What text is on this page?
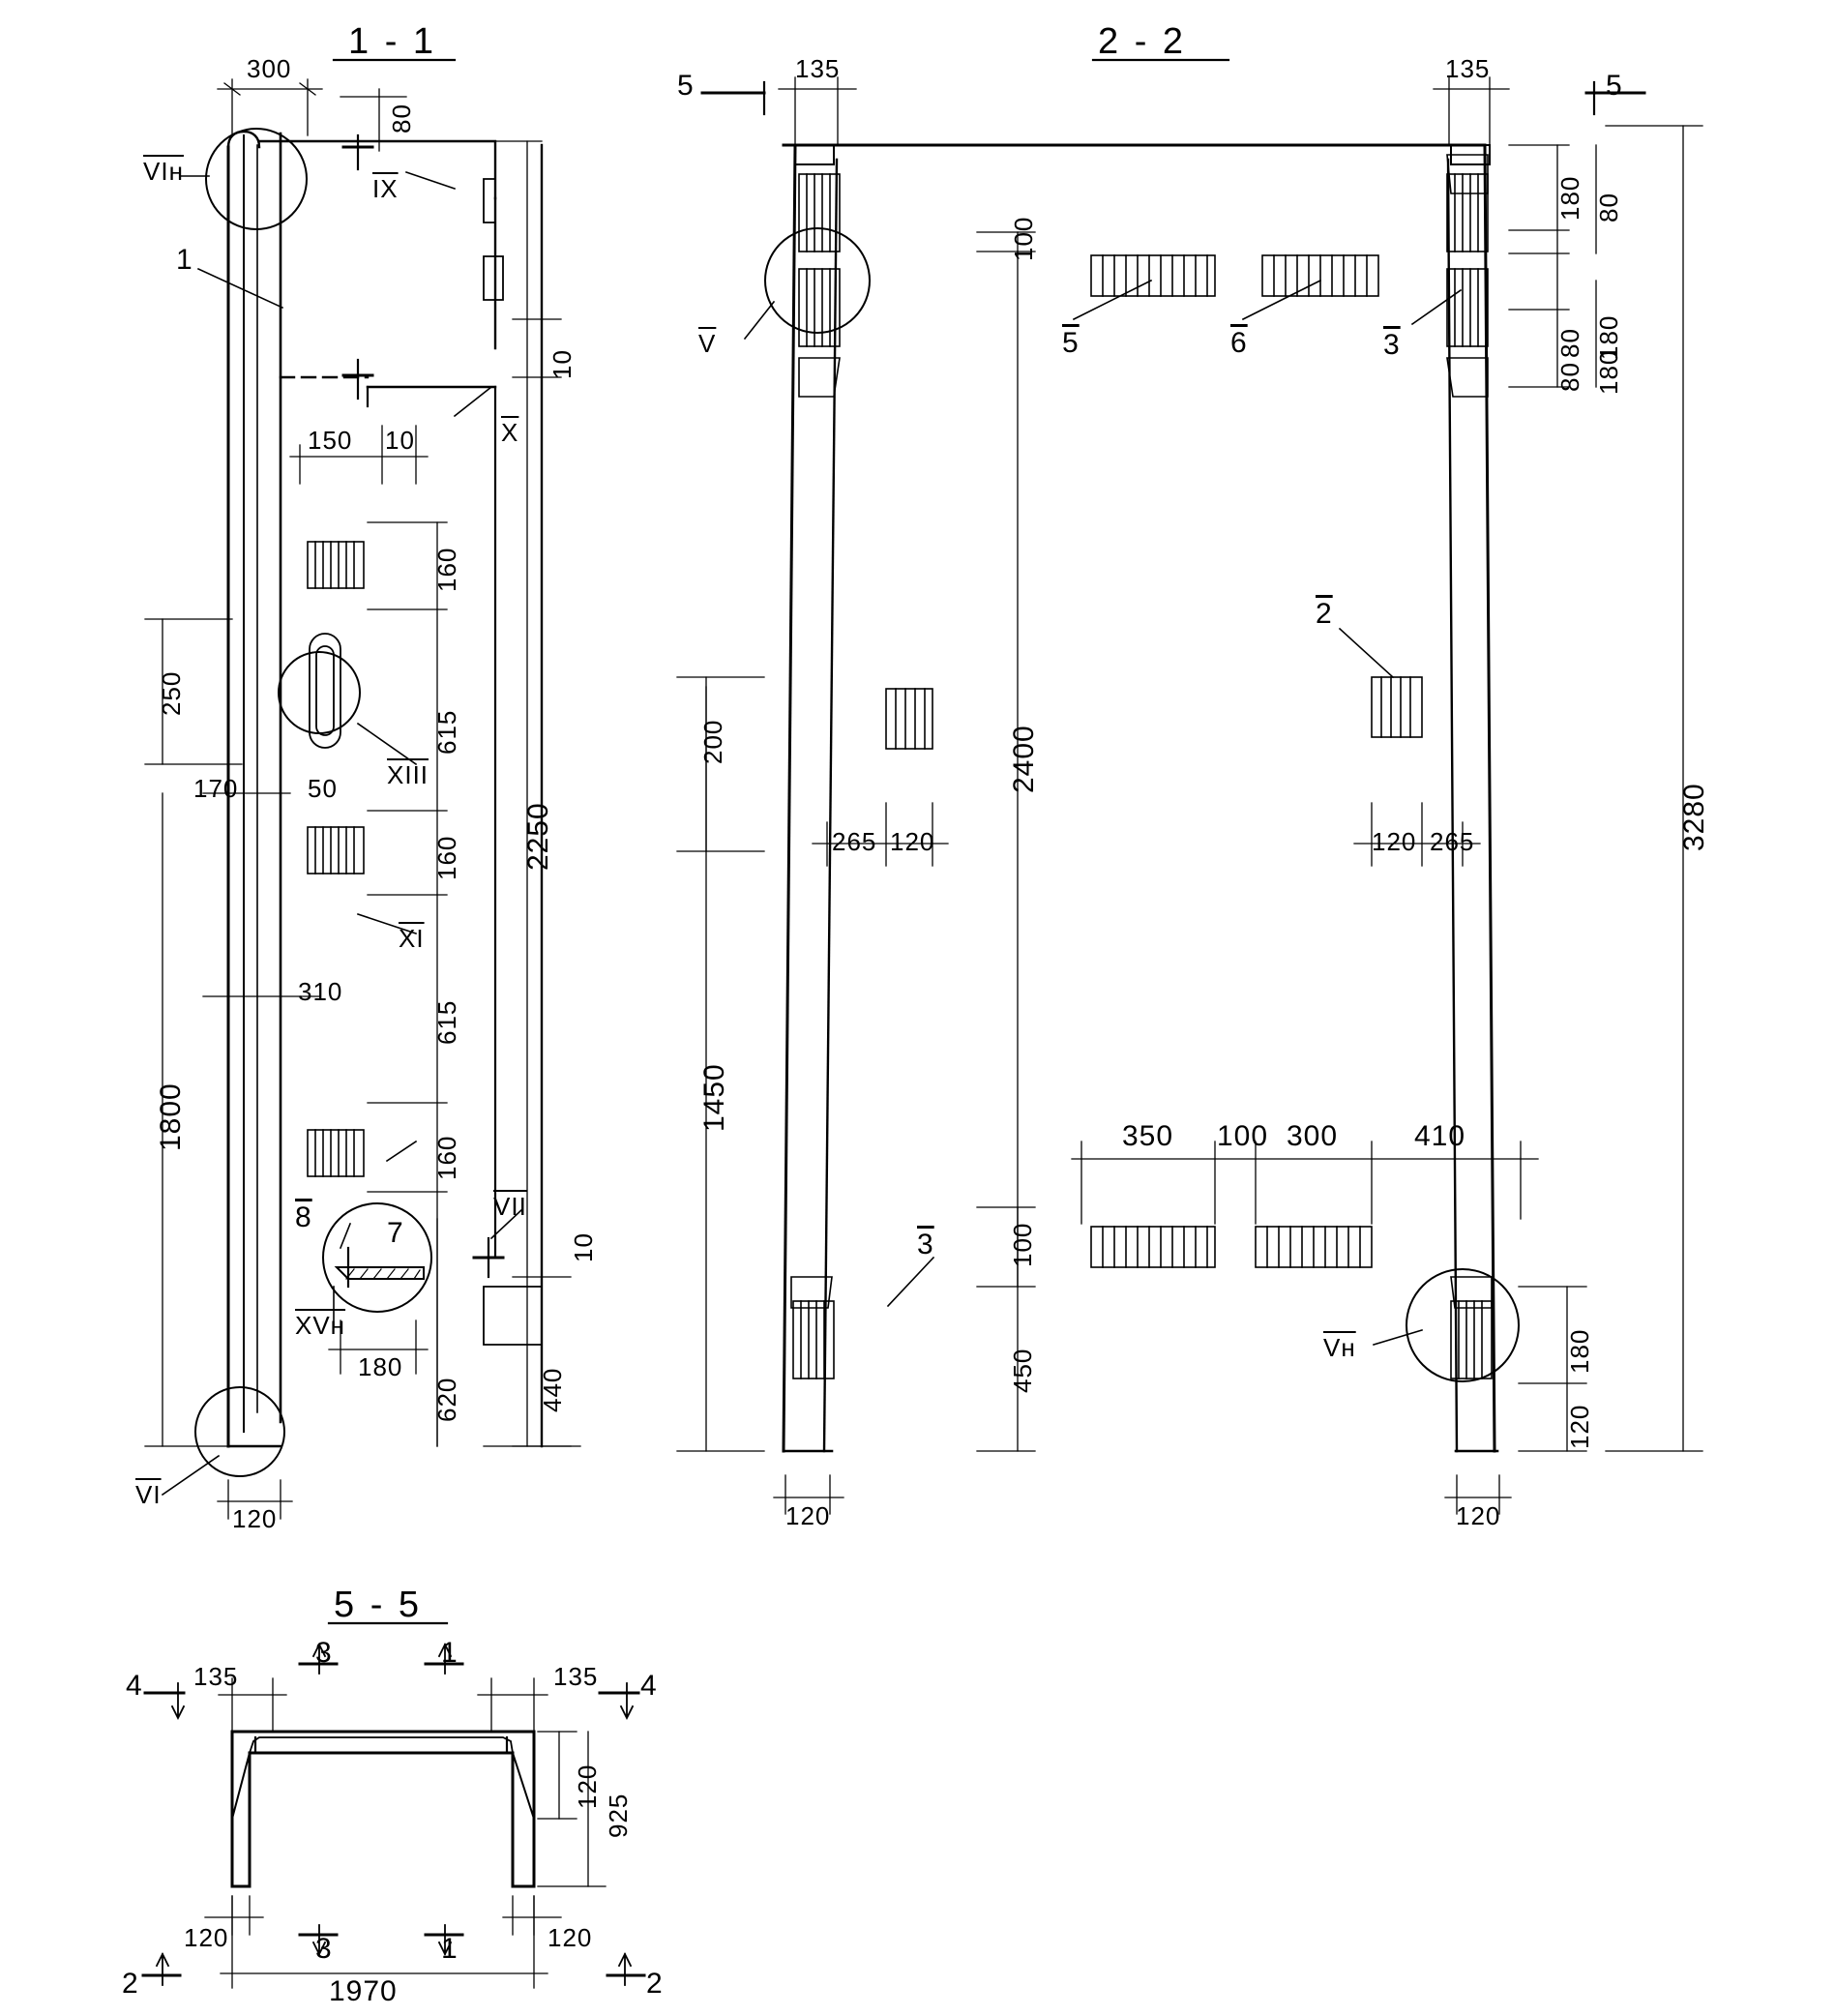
1 - 1
300
80
10
150 10
160
615
50
160
615
160
2250
250
170
310
1800
180
620	440
10
120
VIн
$\overline{IX}$
$\overline{X}$
XIII
$\overline{XI}$
$\overline{VII}$
XVн
$\overline{VI}$
1
8	7
2 - 2
135	135
180 80
80 180
80 180
3280
100
2400
200
1450
265 120	120 265
350 100 300	410
100
450	180
120
120	120
5	5
$\overline{V}$
Vн
5	6	3
2
3
5 - 5
135	135
120
925
120	120
1970
4	4
3	1
3	1
2	2
